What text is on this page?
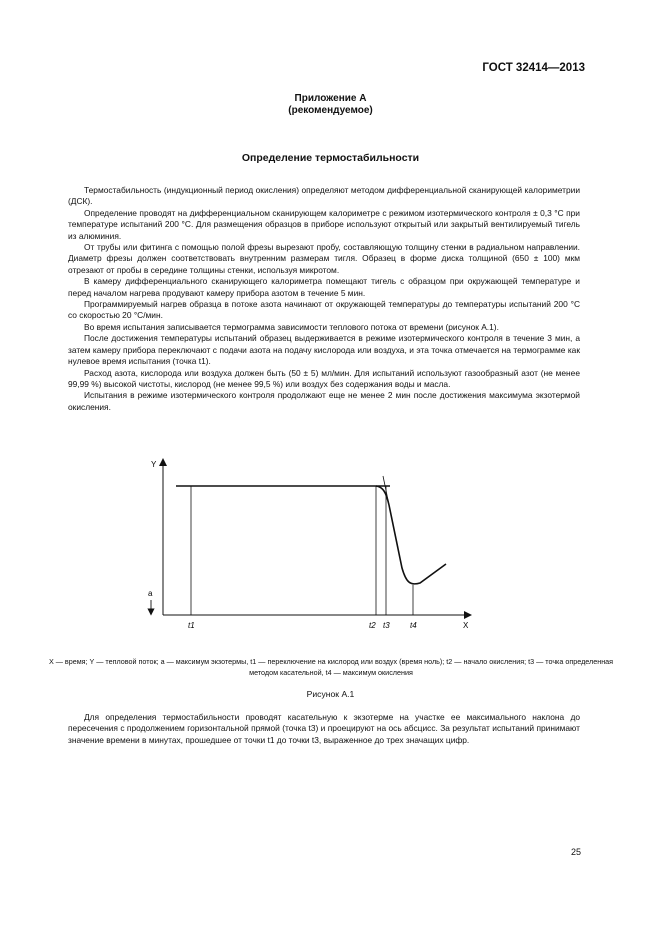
ГОСТ 32414—2013
Приложение А
(рекомендуемое)
Определение термостабильности

Термостабильность (индукционный период окисления) определяют методом дифференциальной сканирующей калориметрии (ДСК).

Определение проводят на дифференциальном сканирующем калориметре с режимом изотермического контроля ± 0,3 °С при температуре испытаний 200 °С. Для размещения образцов в приборе используют открытый или закрытый вентилируемый тигель из алюминия.

От трубы или фитинга с помощью полой фрезы вырезают пробу, составляющую толщину стенки в радиальном направлении. Диаметр фрезы должен соответствовать внутренним размерам тигля. Образец в форме диска толщиной (650 ± 100) мкм отрезают от пробы в середине толщины стенки, используя микротом.

В камеру дифференциального сканирующего калориметра помещают тигель с образцом при окружающей температуре и перед началом нагрева продувают камеру прибора азотом в течение 5 мин.

Программируемый нагрев образца в потоке азота начинают от окружающей температуры до температуры испытаний 200 °С со скоростью 20 °С/мин.

Во время испытания записывается термограмма зависимости теплового потока от времени (рисунок А.1).

После достижения температуры испытаний образец выдерживается в режиме изотермического контроля в течение 3 мин, а затем камеру прибора переключают с подачи азота на подачу кислорода или воздуха, и эта точка отмечается на термограмме как нулевое время испытания (точка t1).

Расход азота, кислорода или воздуха должен быть (50 ± 5) мл/мин. Для испытаний используют газообразный азот (не менее 99,99 %) высокой чистоты, кислород (не менее 99,5 %) или воздух без содержания воды и масла.

Испытания в режиме изотермического контроля продолжают еще не менее 2 мин после достижения максимума экзотермой окисления.

Y
X
а
t1	t2 t3	t4
X — время; Y — тепловой поток; а — максимум экзотермы, t1 — переключение на кислород или воздух (время ноль); t2 — начало окисления; t3 — точка определенная методом касательной, t4 — максимум окисления
Рисунок А.1

Для определения термостабильности проводят касательную к экзотерме на участке ее максимального наклона до пересечения с продолжением горизонтальной прямой (точка t3) и проецируют на ось абсцисс. За результат испытаний принимают значение времени в минутах, прошедшее от точки t1 до точки t3, выраженное до трех значащих цифр.

25
